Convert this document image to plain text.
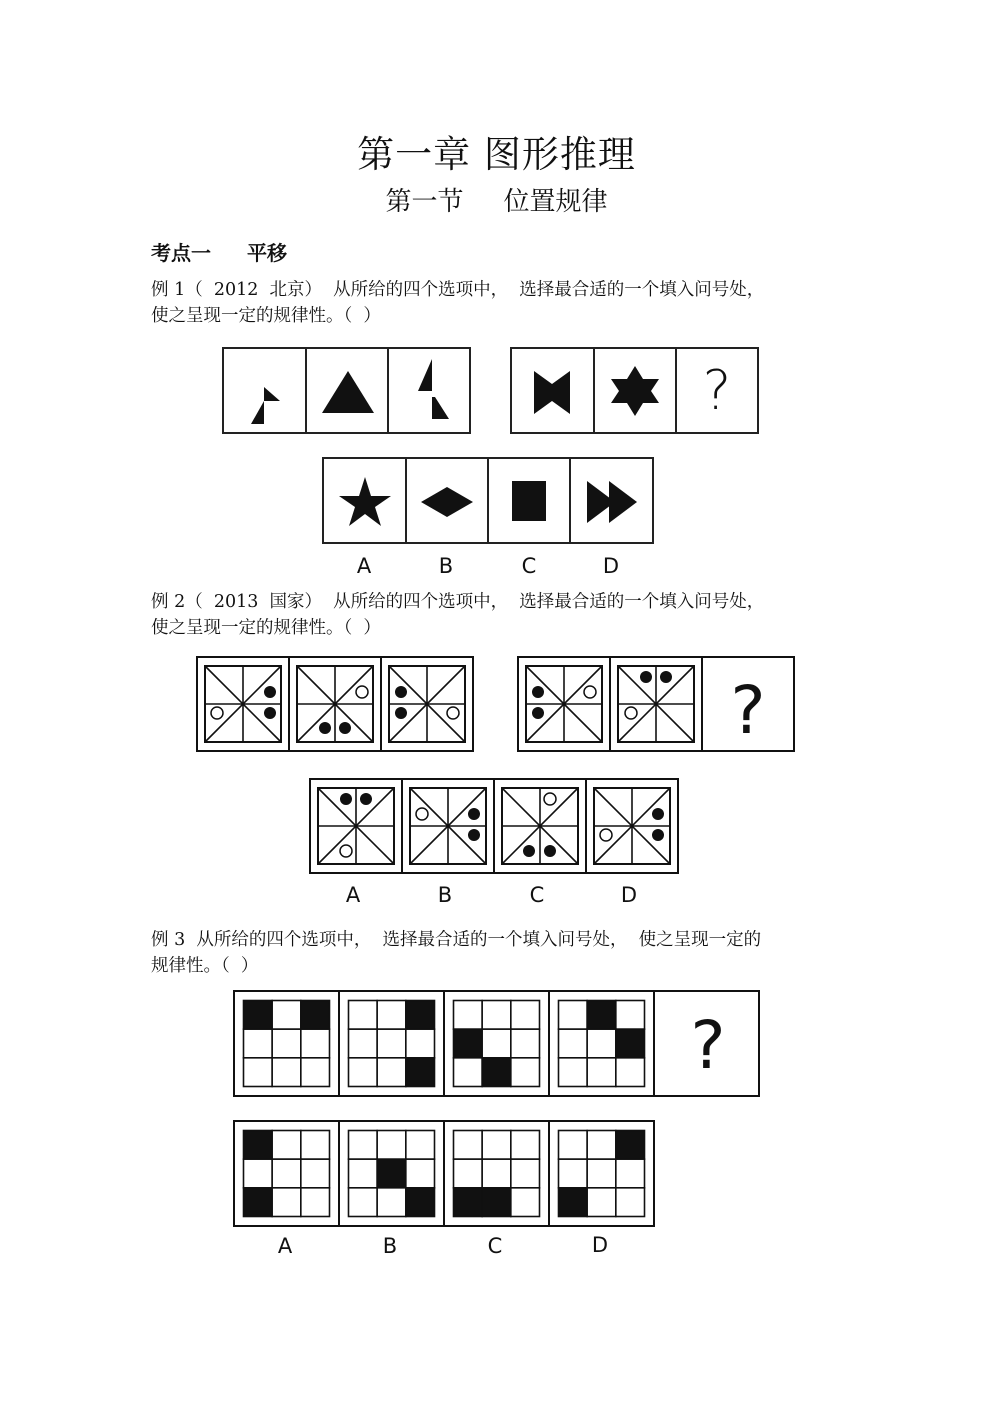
第一章 图形推理
第一节 位置规律
考点一 平移

例 1（  2012  北京）  从所给的四个选项中，  选择最合适的一个填入问号处，

使之呈现一定的规律性。（  ）

?
A	B	C	D

例 2（  2013  国家）  从所给的四个选项中，  选择最合适的一个填入问号处，

使之呈现一定的规律性。（  ）

?
A	B	C	D

例 3  从所给的四个选项中，  选择最合适的一个填入问号处，  使之呈现一定的

规律性。（  ）

?
A	B	C	D
